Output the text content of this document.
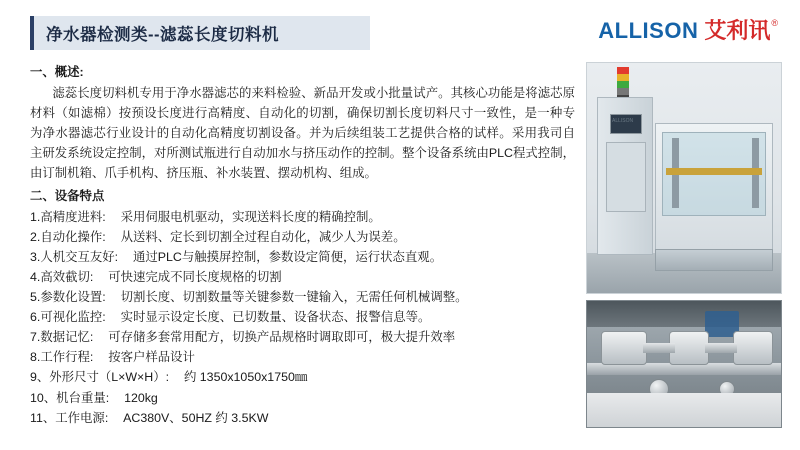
净水器检测类--滤蕊长度切料机	ALLISON 艾利讯 ®
一、概述:
滤蕊长度切料机专用于净水器滤芯的来料检验、新品开发或小批量试产。其核心功能是将滤芯原材料（如滤棉）按预设长度进行高精度、自动化的切割，确保切割长度切料尺寸一致性，是一种专为净水器滤芯行业设计的自动化高精度切割设备。并为后续组装工艺提供合格的试样。采用我司自主研发系统设定控制，对所测试瓶进行自动加水与挤压动作的控制。整个设备系统由PLC程式控制，由订制机箱、爪手机构、挤压瓶、补水装置、摆动机构、组成。
二、设备特点
1.高精度进料: 采用伺服电机驱动，实现送料长度的精确控制。
2.自动化操作: 从送料、定长到切割全过程自动化，减少人为误差。
3.人机交互友好: 通过PLC与触摸屏控制，参数设定简便，运行状态直观。
4.高效截切: 可快速完成不同长度规格的切割
5.参数化设置: 切割长度、切割数量等关键参数一键输入，无需任何机械调整。
6.可视化监控: 实时显示设定长度、已切数量、设备状态、报警信息等。
7.数据记忆: 可存储多套常用配方，切换产品规格时调取即可，极大提升效率
8.工作行程: 按客户样品设计
9、外形尺寸（L×W×H）: 约 1350x1050x1750㎜
10、机台重量: 120kg
11、工作电源: AC380V、50HZ 约 3.5KW
ALLISON
